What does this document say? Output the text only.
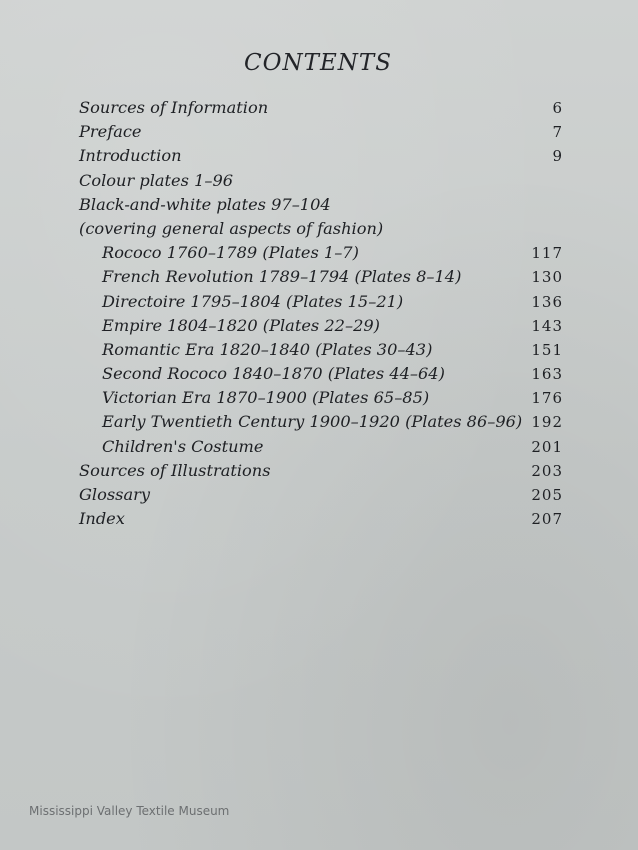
CONTENTS
Sources of Information	6
Preface	7
Introduction	9
Colour plates 1–96
Black-and-white plates 97–104
(covering general aspects of fashion)
Rococo 1760–1789 (Plates 1–7)	117
French Revolution 1789–1794 (Plates 8–14)	130
Directoire 1795–1804 (Plates 15–21)	136
Empire 1804–1820 (Plates 22–29)	143
Romantic Era 1820–1840 (Plates 30–43)	151
Second Rococo 1840–1870 (Plates 44–64)	163
Victorian Era 1870–1900 (Plates 65–85)	176
Early Twentieth Century 1900–1920 (Plates 86–96) 192
Children's Costume	201
Sources of Illustrations	203
Glossary	205
Index	207
Mississippi Valley Textile Museum
